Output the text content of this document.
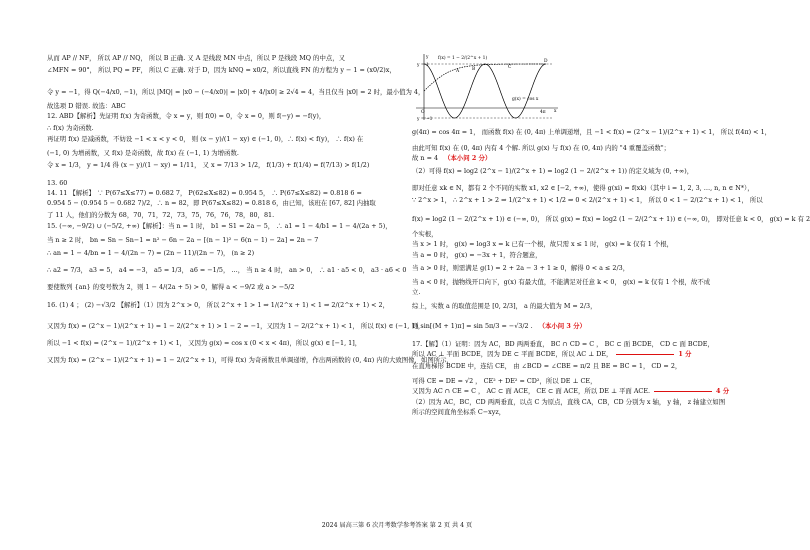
从而 AP // NF， 所以 AP // NQ， 所以 B 正确. 又 A 是线段 MN 中点，所以 P 是线段 MQ 的中点，又
∠MFN = 90°， 所以 PQ = PF， 所以 C 正确. 对于 D，因为 kNQ = x0/2，所以直线 FN 的方程为 y − 1 = (x0/2)x，
令 y = −1，得 Q(−4/x0, −1)，所以 |MQ| = |x0 − (−4/x0)| = |x0| + 4/|x0| ≥ 2√4 = 4，当且仅当 |x0| = 2 时，最小值为 4，
故选项 D 错误. 故选：ABC
12. ABD【解析】先证明 f(x) 为奇函数，令 x = y，则 f(0) = 0，令 x = 0，则 f(−y) = −f(y)，
∴ f(x) 为奇函数.
再证明 f(x) 是减函数，不妨设 −1 < x < y < 0， 则 (x − y)/(1 − xy) ∈ (−1, 0)，∴ f(x) < f(y)， ∴ f(x) 在
(−1, 0) 为增函数，又 f(x) 是奇函数，故 f(x) 在 (−1, 1) 为增函数.
令 x = 1/3， y = 1/4 得 (x − y)/(1 − xy) = 1/11， 又 x = 7/13 > 1/2， f(1/3) + f(1/4) = f(7/13) > f(1/2)
13. 60
14. 11 【解析】 ∵ P(67≤X≤77) = 0.682 7， P(62≤X≤82) = 0.954 5， ∴ P(67≤X≤82) = 0.818 6 =
0.954 5 − (0.954 5 − 0.682 7)/2，∴ n = 82，即 P(67≤X≤82) = 0.818 6，由已知，该班在 [67, 82] 内抽取
了 11 人，他们的分数为 68，70，71，72，73，75，76，76，78，80，81.
15. (−∞, −9/2) ∪ (−5/2, +∞)【解析】：当 n = 1 时， b1 = S1 = 2a − 5， ∴ a1 = 1 − 4/b1 = 1 − 4/(2a + 5)，
当 n ≥ 2 时， bn = Sn − Sn−1 = n² − 6n − 2a − [(n − 1)² − 6(n − 1) − 2a] = 2n − 7
∴ an = 1 − 4/bn = 1 − 4/(2n − 7) = (2n − 11)/(2n − 7)， (n ≥ 2)
∴ a2 = 7/3， a3 = 5， a4 = −3， a5 = 1/3， a6 = −1/5， …， 当 n ≥ 4 时， an > 0， ∴ a1 · a5 < 0， a3 · a6 < 0
要使数列 {an} 的变号数为 2，则 1 − 4/(2a + 5) > 0，解得 a < −9/2 或 a > −5/2
16. (1) 4 ； (2) −√3/2 【解析】（1）因为 2^x > 0， 所以 2^x + 1 > 1 ⇒ 1/(2^x + 1) < 1 ⇒ 2/(2^x + 1) < 2，
又因为 f(x) = (2^x − 1)/(2^x + 1) = 1 − 2/(2^x + 1) > 1 − 2 = −1，又因为 1 − 2/(2^x + 1) < 1， 所以 f(x) ∈ (−1, 1)，
所以 −1 < f(x) = (2^x − 1)/(2^x + 1) < 1， 又因为 g(x) = cos x (0 < x < 4π)，所以 g(x) ∈ [−1, 1]，
又因为 f(x) = (2^x − 1)/(2^x + 1) = 1 − 2/(2^x + 1)，可得 f(x) 为奇函数且单调递增，作出两函数的 (0, 4π) 内的大致图像，如图所示，
g(4π) = cos 4π = 1， 而函数 f(x) 在 (0, 4π) 上单调递增，且 −1 < f(x) = (2^x − 1)/(2^x + 1) < 1， 所以 f(4π) < 1，
由此可知 f(x) 在 (0, 4π) 内有 4 个解. 所以 g(x) 与 f(x) 在 (0, 4π) 内的 "4 重覆盖函数"；
故 n = 4 （本小问 2 分）
（2）可得 f(x) = log2 (2^x − 1)/(2^x + 1) = log2 (1 − 2/(2^x + 1)) 的定义域为 (0, +∞)，
即对任意 xk ∈ N，都有 2 个不同的实数 x1, x2 ∈ [−2, +∞)，使得 g(xi) = f(xk)（其中 i = 1, 2, 3, …, n, n ∈ N*），
∵ 2^x > 1， ∴ 2^x + 1 > 2 ⇒ 1/(2^x + 1) < 1/2 ⇒ 0 < 2/(2^x + 1) < 1， 所以 0 < 1 − 2/(2^x + 1) < 1， 所以
f(x) = log2 (1 − 2/(2^x + 1)) ∈ (−∞, 0)， 所以 g(x) = f(x) = log2 (1 − 2/(2^x + 1)) ∈ (−∞, 0)， 即对任意 k < 0， g(x) = k 有 2
个实根，
当 x > 1 时， g(x) = log3 x = k 已有一个根，故只需 x ≤ 1 时， g(x) = k 仅有 1 个根，
当 a = 0 时， g(x) = −3x + 1，符合题意，
当 a > 0 时，则需满足 g(1) = 2 + 2a − 3 + 1 ≥ 0，解得 0 < a ≤ 2/3，
当 a < 0 时，抛物线开口向下，g(x) 有最大值，不能满足对任意 k < 0， g(x) = k 仅有 1 个根，故不成
立.
综上，实数 a 的取值范围是 [0, 2/3]， a 的最大值为 M = 2/3，
则 sin[(M + 1)π] = sin 5π/3 = −√3/2 . （本小问 3 分）
17.【解】（1）证明：因为 AC，BD 两两垂直， BC ∩ CD = C ， BC ⊂ 面 BCDE， CD ⊂ 面 BCDE，
所以 AC ⊥ 平面 BCDE，因为 DE ⊂ 平面 BCDE，所以 AC ⊥ DE，	1 分
在直角梯形 BCDE 中，连结 CE， 由 ∠BCD = ∠CBE = π/2 且 BE = BC = 1， CD = 2，
可得 CE = DE = √2 ， CE² + DE² = CD²，所以 DE ⊥ CE，
又因为 AC ∩ CE = C ， AC ⊂ 面 ACE， CE ⊂ 面 ACE，所以 DE ⊥ 平面 ACE.	4 分
（2）因为 AC，BC，CD 两两垂直，以点 C 为原点，直线 CA，CB，CD 分别为 x 轴， y 轴， z 轴建立如图
所示的空间直角坐标系 C−xyz，
f(x) = 1 − 2/(2^x + 1)
g(x) = cos x
y = 1
y = −1
y
x
O	4π
A	B	C
D
2024 届高三第 6 次月考数学参考答案 第 2 页 共 4 页
